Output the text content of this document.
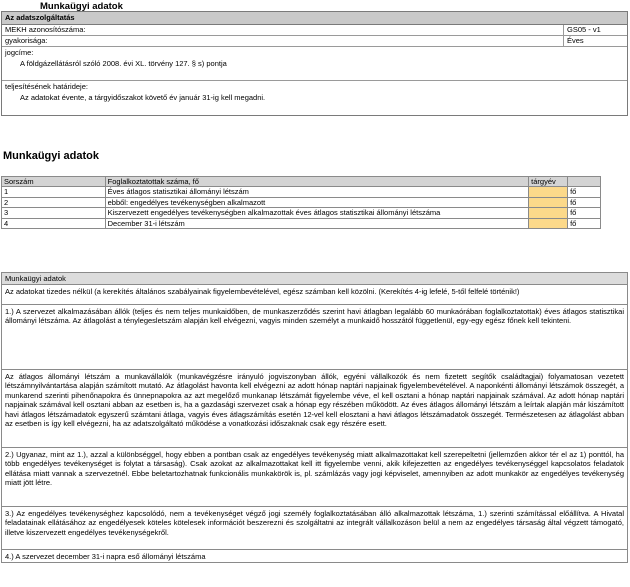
Munkaügyi adatok
Az adatszolgáltatás
MEKH azonosítószáma:	GS05 - v1
gyakorisága:	Éves
jogcíme:
A földgázellátásról szóló 2008. évi XL. törvény 127. § s) pontja
teljesítésének határideje:
Az adatokat évente, a tárgyidőszakot követő év január 31-ig kell megadni.
Munkaügyi adatok
Sorszám	Foglalkoztatottak száma, fő	tárgyév	
1	Éves átlagos statisztikai állományi létszám		fő
2	ebből: engedélyes tevékenységben alkalmazott		fő
3	Kiszervezett engedélyes tevékenységben alkalmazottak éves átlagos statisztikai állományi létszáma		fő
4	December 31-i létszám		fő
Munkaügyi adatok
Az adatokat tizedes nélkül (a kerekítés általános szabályainak figyelembevételével, egész számban kell közölni. (Kerekítés 4-ig lefelé, 5-től felfelé történik!)
1.) A szervezet alkalmazásában állók (teljes és nem teljes munkaidőben, de munkaszerződés szerint havi átlagban legalább 60 munkaórában foglalkoztatottak) éves átlagos statisztikai állományi létszáma. Az átlagolást a ténylegesletszám alapján kell elvégezni, vagyis minden személyt a munkaidő hosszától függetlenül, egy-egy egész főnek kell tekinteni.
Az átlagos állományi létszám a munkavállalók (munkavégzésre irányuló jogviszonyban állók, egyéni vállalkozók és nem fizetett segítők családtagjai) folyamatosan vezetett létszámnyilvántartása alapján számított mutató. Az átlagolást havonta kell elvégezni az adott hónap naptári napjainak figyelembevételével. A naponkénti állományi létszámok összegét, a munkarend szerinti pihenőnapokra és ünnepnapokra az azt megelőző munkanap létszámát figyelembe véve, el kell osztani a hónap naptári napjainak számával. Az adott hónap naptári napjainak számával kell osztani abban az esetben is, ha a gazdasági szervezet csak a hónap egy részében működött. Az éves átlagos állományi létszám a leírtak alapján már kiszámított havi átlagos létszámadatok egyszerű számtani átlaga, vagyis éves átlagszámítás esetén 12-vel kell elosztani a havi átlagos létszámadatok összegét. Természetesen az átlagolást abban az esetben is így kell elvégezni, ha az adatszolgáltató működése a vonatkozási időszaknak csak egy részére esett.
2.) Ugyanaz, mint az 1.), azzal a különbséggel, hogy ebben a pontban csak az engedélyes tevékenység miatt alkalmazottakat kell szerepeltetni (jellemzően akkor tér el az 1) ponttól, ha több engedélyes tevékenységet is folytat a társaság). Csak azokat az alkalmazottakat kell itt figyelembe venni, akik kifejezetten az engedélyes tevékenységgel kapcsolatos feladatok ellátása miatt vannak a szervezetnél. Ebbe beletartozhatnak funkcionális munkakörök is, pl. számlázás vagy jogi képviselet, amennyiben az adott munkakör az engedélyes tevékenység miatt jött létre.
3.) Az engedélyes tevékenységhez kapcsolódó, nem a tevékenységet végző jogi személy foglalkoztatásában álló alkalmazottak létszáma, 1.) szerinti számítással előállítva. A Hivatal feladatainak ellátásához az engedélyesek köteles kötelesek információt beszerezni és szolgáltatni az integrált vállalkozáson belül a nem az engedélyes társaság által végzett támogató, illetve kiszervezett engedélyes tevékenységekről.
4.) A szervezet december 31-i napra eső állományi létszáma
